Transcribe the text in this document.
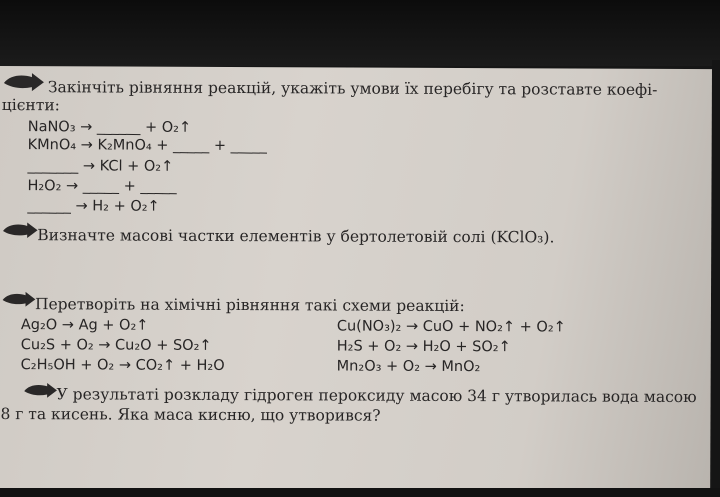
Закінчіть рівняння реакцій, укажіть умови їх перебігу та розставте коефі-
цієнти:
NaNO₃ → ______ + O₂↑
KMnO₄ → K₂MnO₄ + _____ + _____
_______ → KCl + O₂↑
H₂O₂ → _____ + _____
______ → H₂ + O₂↑
Визначте масові частки елементів у бертолетовій солі (KClO₃).
Перетворіть на хімічні рівняння такі схеми реакцій:
Ag₂O → Ag + O₂↑
Cu₂S + O₂ → Cu₂O + SO₂↑
C₂H₅OH + O₂ → CO₂↑ + H₂O
Cu(NO₃)₂ → CuO + NO₂↑ + O₂↑
H₂S + O₂ → H₂O + SO₂↑
Mn₂O₃ + O₂ → MnO₂
У результаті розкладу гідроген пероксиду масою 34 г утворилась вода масою
8 г та кисень. Яка маса кисню, що утворився?
